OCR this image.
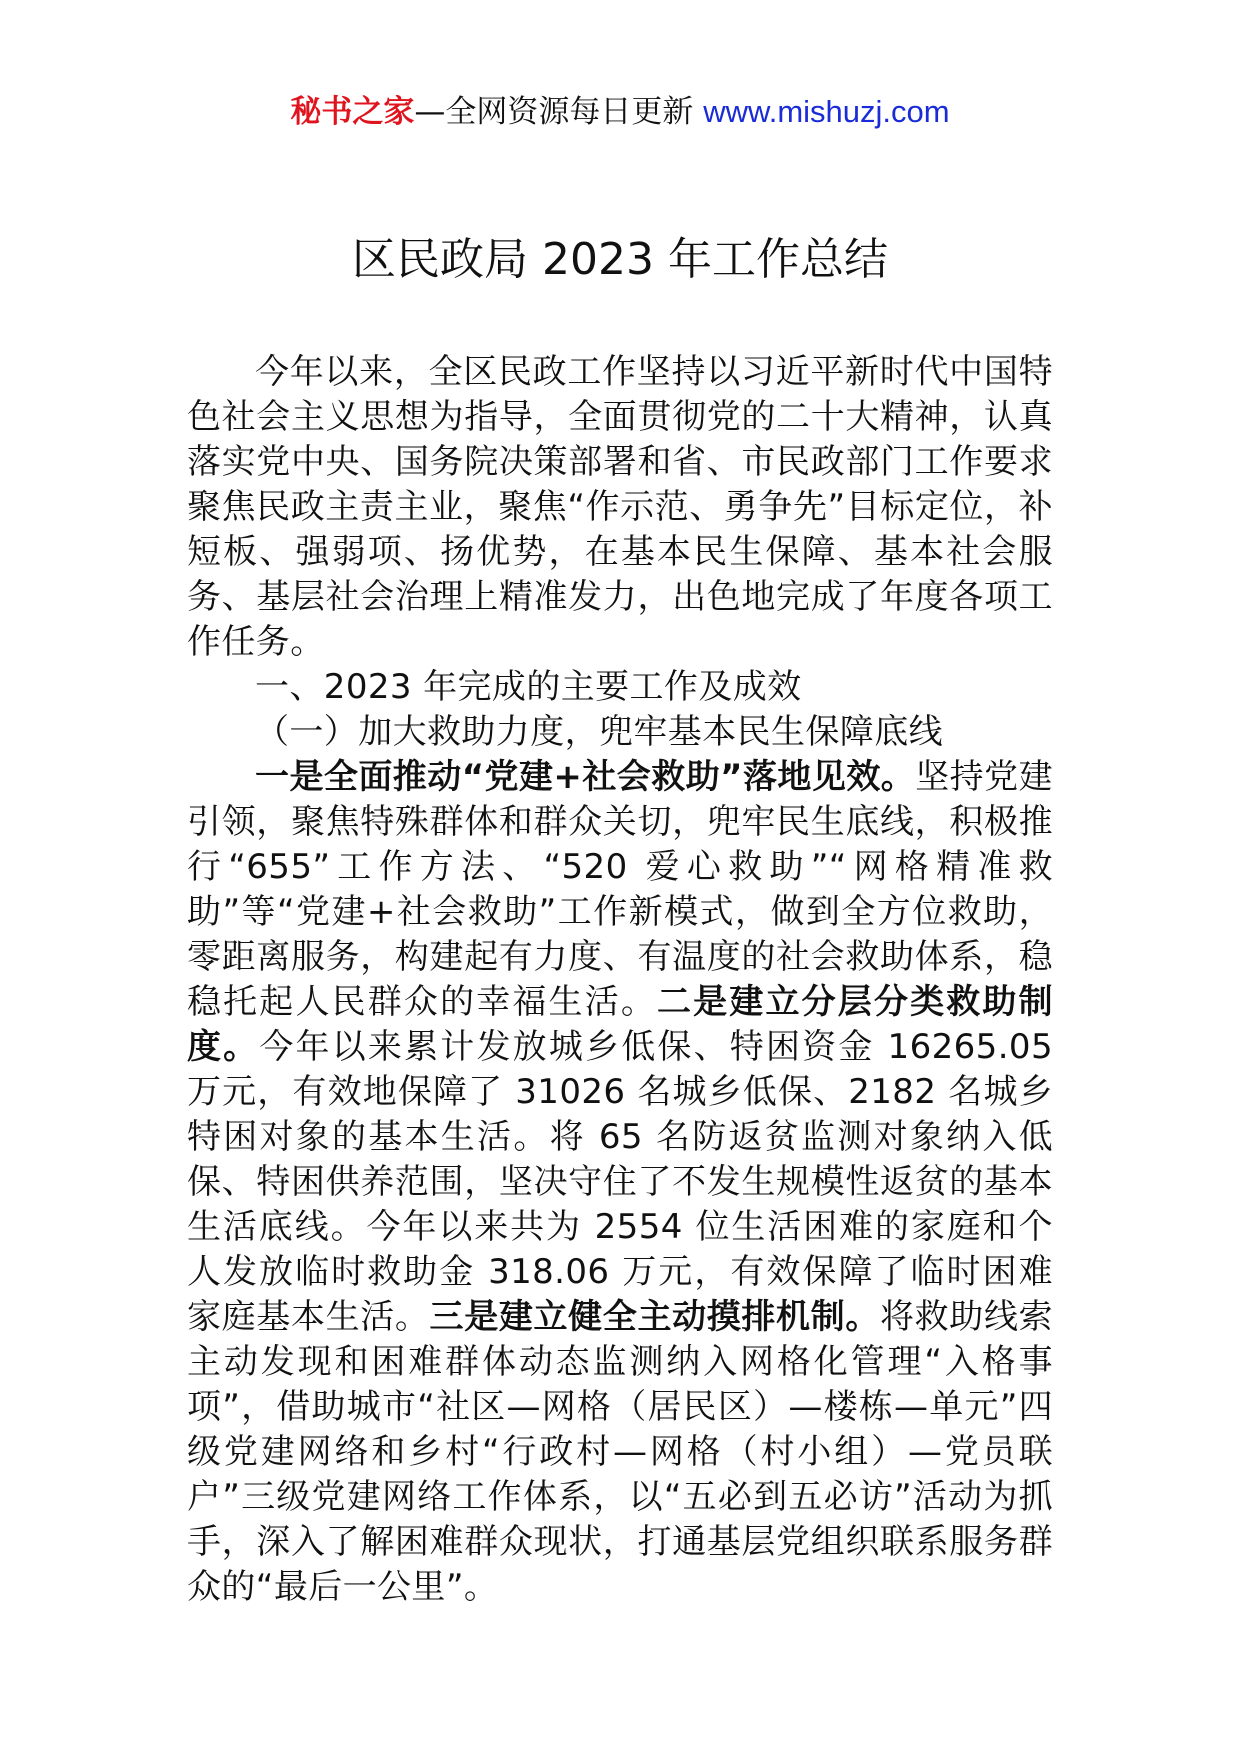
秘书之家—全网资源每日更新 www.mishuzj.com
区民政局 2023 年工作总结

今年以来，全区民政工作坚持以习近平新时代中国特色社会主义思想为指导，全面贯彻党的二十大精神，认真落实党中央、国务院决策部署和省、市民政部门工作要求聚焦民政主责主业，聚焦“作示范、勇争先”目标定位，补短板、强弱项、扬优势，在基本民生保障、基本社会服务、基层社会治理上精准发力，出色地完成了年度各项工作任务。

一、2023 年完成的主要工作及成效

（一）加大救助力度，兜牢基本民生保障底线

一是全面推动“党建+社会救助”落地见效。坚持党建引领，聚焦特殊群体和群众关切，兜牢民生底线，积极推行“655”工作方法、“520 爱心救助”“网格精准救助”等“党建+社会救助”工作新模式，做到全方位救助，零距离服务，构建起有力度、有温度的社会救助体系，稳稳托起人民群众的幸福生活。二是建立分层分类救助制度。今年以来累计发放城乡低保、特困资金 16265.05 万元，有效地保障了 31026 名城乡低保、2182 名城乡特困对象的基本生活。将 65 名防返贫监测对象纳入低保、特困供养范围，坚决守住了不发生规模性返贫的基本生活底线。今年以来共为 2554 位生活困难的家庭和个人发放临时救助金 318.06 万元，有效保障了临时困难家庭基本生活。三是建立健全主动摸排机制。将救助线索主动发现和困难群体动态监测纳入网格化管理“入格事项”，借助城市“社区—网格（居民区）—楼栋—单元”四级党建网络和乡村“行政村—网格（村小组）—党员联户”三级党建网络工作体系，以“五必到五必访”活动为抓手，深入了解困难群众现状，打通基层党组织联系服务群众的“最后一公里”。
